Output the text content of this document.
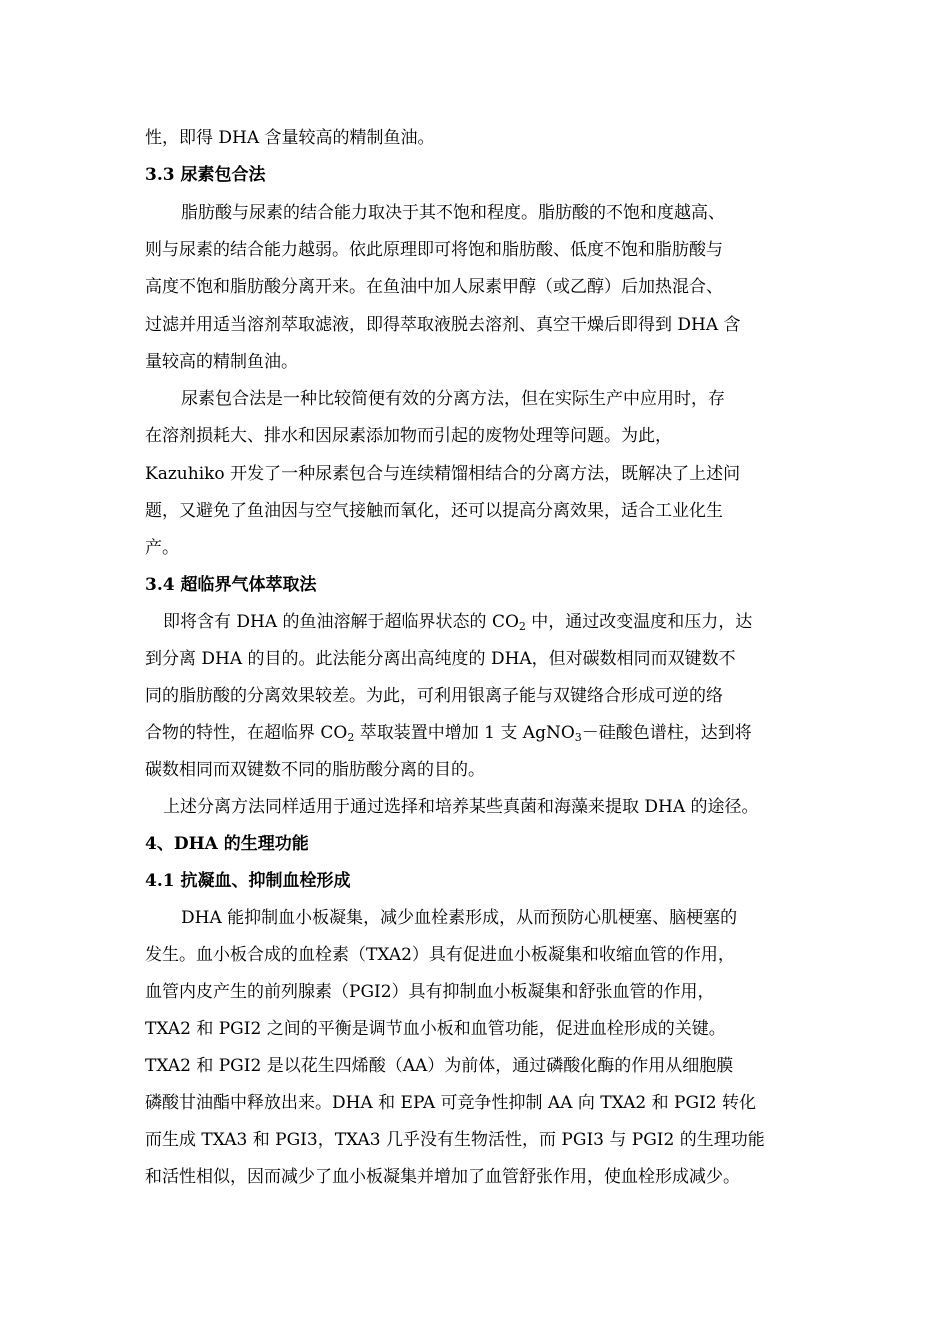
性，即得 DHA 含量较高的精制鱼油。
3.3 尿素包合法
脂肪酸与尿素的结合能力取决于其不饱和程度。脂肪酸的不饱和度越高、
则与尿素的结合能力越弱。依此原理即可将饱和脂肪酸、低度不饱和脂肪酸与
高度不饱和脂肪酸分离开来。在鱼油中加人尿素甲醇（或乙醇）后加热混合、
过滤并用适当溶剂萃取滤液，即得萃取液脱去溶剂、真空干燥后即得到 DHA 含
量较高的精制鱼油。
尿素包合法是一种比较简便有效的分离方法，但在实际生产中应用时，存
在溶剂损耗大、排水和因尿素添加物而引起的废物处理等问题。为此，
Kazuhiko 开发了一种尿素包合与连续精馏相结合的分离方法，既解决了上述问
题，又避免了鱼油因与空气接触而氧化，还可以提高分离效果，适合工业化生
产。
3.4 超临界气体萃取法
即将含有 DHA 的鱼油溶解于超临界状态的 $CO_2$ 中，通过改变温度和压力，达
到分离 DHA 的目的。此法能分离出高纯度的 DHA，但对碳数相同而双键数不
同的脂肪酸的分离效果较差。为此，可利用银离子能与双键络合形成可逆的络
合物的特性，在超临界 $CO_2$ 萃取装置中增加 1 支 AgNO$_3$－硅酸色谱柱，达到将
碳数相同而双键数不同的脂肪酸分离的目的。
上述分离方法同样适用于通过选择和培养某些真菌和海藻来提取 DHA 的途径。
4、DHA 的生理功能
4.1 抗凝血、抑制血栓形成
DHA 能抑制血小板凝集，减少血栓素形成，从而预防心肌梗塞、脑梗塞的
发生。血小板合成的血栓素（TXA2）具有促进血小板凝集和收缩血管的作用，
血管内皮产生的前列腺素（PGI2）具有抑制血小板凝集和舒张血管的作用，
TXA2 和 PGI2 之间的平衡是调节血小板和血管功能，促进血栓形成的关键。
TXA2 和 PGI2 是以花生四烯酸（AA）为前体，通过磷酸化酶的作用从细胞膜
磷酸甘油酯中释放出来。DHA 和 EPA 可竞争性抑制 AA 向 TXA2 和 PGI2 转化
而生成 TXA3 和 PGI3，TXA3 几乎没有生物活性，而 PGI3 与 PGI2 的生理功能
和活性相似，因而减少了血小板凝集并增加了血管舒张作用，使血栓形成减少。
